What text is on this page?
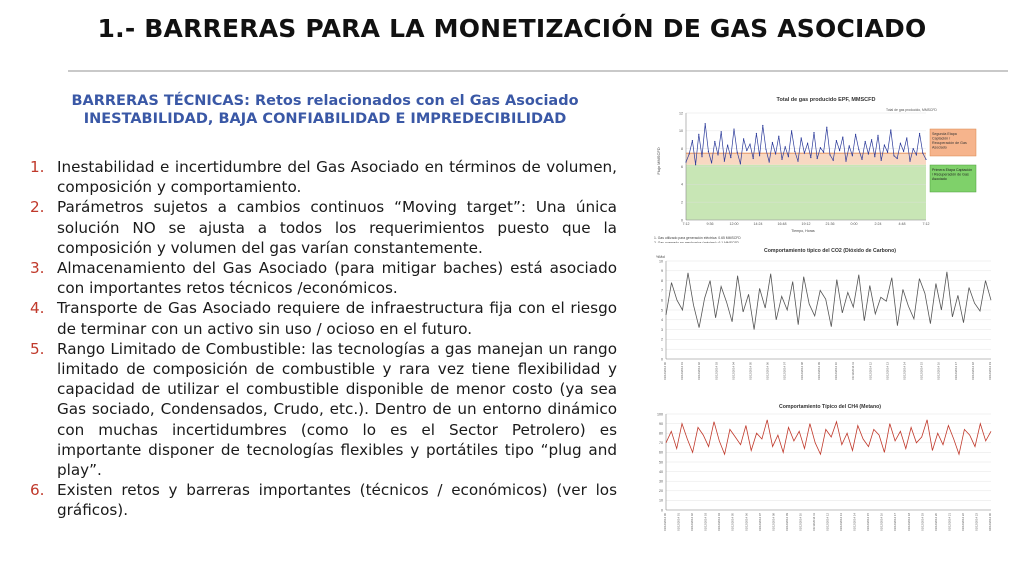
1.- BARRERAS PARA LA MONETIZACIÓN DE GAS ASOCIADO
BARRERAS TÉCNICAS: Retos relacionados con el Gas Asociado
INESTABILIDAD, BAJA CONFIABILIDAD E IMPREDECIBILIDAD
1. Inestabilidad e incertidumbre del Gas Asociado en términos de volumen, composición y comportamiento.
2. Parámetros sujetos a cambios continuos “Moving target”: Una única solución NO se ajusta a todos los requerimientos puesto que la composición y volumen del gas varían constantemente.
3. Almacenamiento del Gas Asociado (para mitigar baches) está asociado con importantes retos técnicos /económicos.
4. Transporte de Gas Asociado requiere de infraestructura fija con el riesgo de terminar con un activo sin uso / ocioso en el futuro.
5. Rango Limitado de Combustible: las tecnologías a gas manejan un rango limitado de composición de combustible y rara vez tiene flexibilidad y capacidad de utilizar el combustible disponible de menor costo (ya sea Gas sociado, Condensados, Crudo, etc.). Dentro de un entorno dinámico con muchas incertidumbres (como lo es el Sector Petrolero) es importante disponer de tecnologías flexibles y portátiles tipo “plug and play”.
6. Existen retos y barreras importantes (técnicos / económicos) (ver los gráficos).
Total de gas producido EPF, MMSCFD
Total de gas producido, MMSCFD
Flujo MMSCFD
Tiempo, Horas
1. Gas utilizado para generación eléctrica: 0.65 MMSCFD
2. Gas quemado en mechurrios (máximo): 6.1 MMSCFD
Segunda Etapa Captación / Recuperación de Gas Asociado
Primera Etapa Captación / Recuperación de Gas Asociado
0
2
4
6
8
10
12
7:12	9:36	12:00	14:24	16:48	19:12	21:36	0:00	2:24	4:48	7:12
Comportamiento típico del CO2 (Dióxido de Carbono)
%Mol
0
1
2
3
4
5
6
7
8
9
10
01/12/2014 00	01/12/2014 01	01/12/2014 02	01/12/2014 03	01/12/2014 04	01/12/2014 05	01/12/2014 06	01/12/2014 07	01/12/2014 08	01/12/2014 09	01/12/2014 10	01/12/2014 11	01/12/2014 12	01/12/2014 13	01/12/2014 14	01/12/2014 15	01/12/2014 16	01/12/2014 17	01/12/2014 18	01/12/2014 19
Comportamiento Típico del CH4 (Metano)
0
10
20
30
40
50
60
70
80
90
100
01/12/2014 00	01/12/2014 01	01/12/2014 02	01/12/2014 03	01/12/2014 04	01/12/2014 05	01/12/2014 06	01/12/2014 07	01/12/2014 08	01/12/2014 09	01/12/2014 10	01/12/2014 11	01/12/2014 12	01/12/2014 13	01/12/2014 14	01/12/2014 15	01/12/2014 16	01/12/2014 17	01/12/2014 18	01/12/2014 19	01/12/2014 20	01/12/2014 21	01/12/2014 22	01/12/2014 23	02/12/2014 00
